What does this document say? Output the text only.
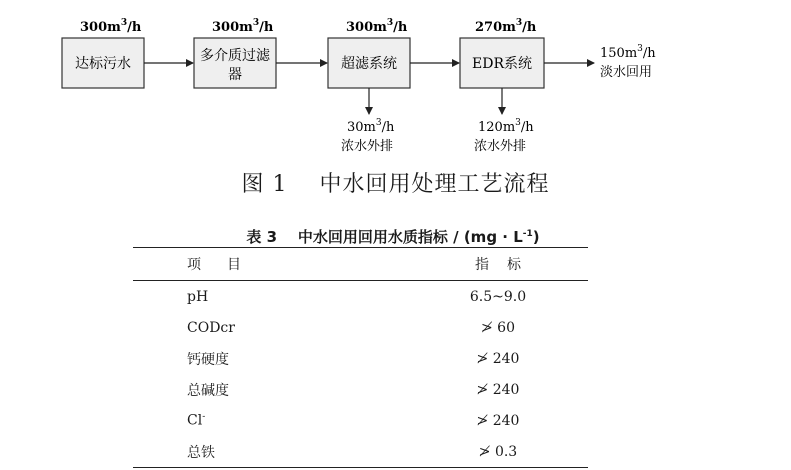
达标污水	多介质过滤
器
超滤系统	EDR系统
$300m^3/h$	$300m^3/h$	$300m^3/h$	$270m^3/h$
$150m^3/h$
淡水回用
$30m^3/h$
浓水外排
$120m^3/h$
浓水外排
图 1    中水回用处理工艺流程
表 3    中水回用回用水质指标 / $(mg \cdot L^{-1})$
项目	指标
pH	6.5~9.0
CODcr	≯ 60
钙硬度	≯ 240
总碱度	≯ 240
Cl-	≯ 240
总铁	≯ 0.3
